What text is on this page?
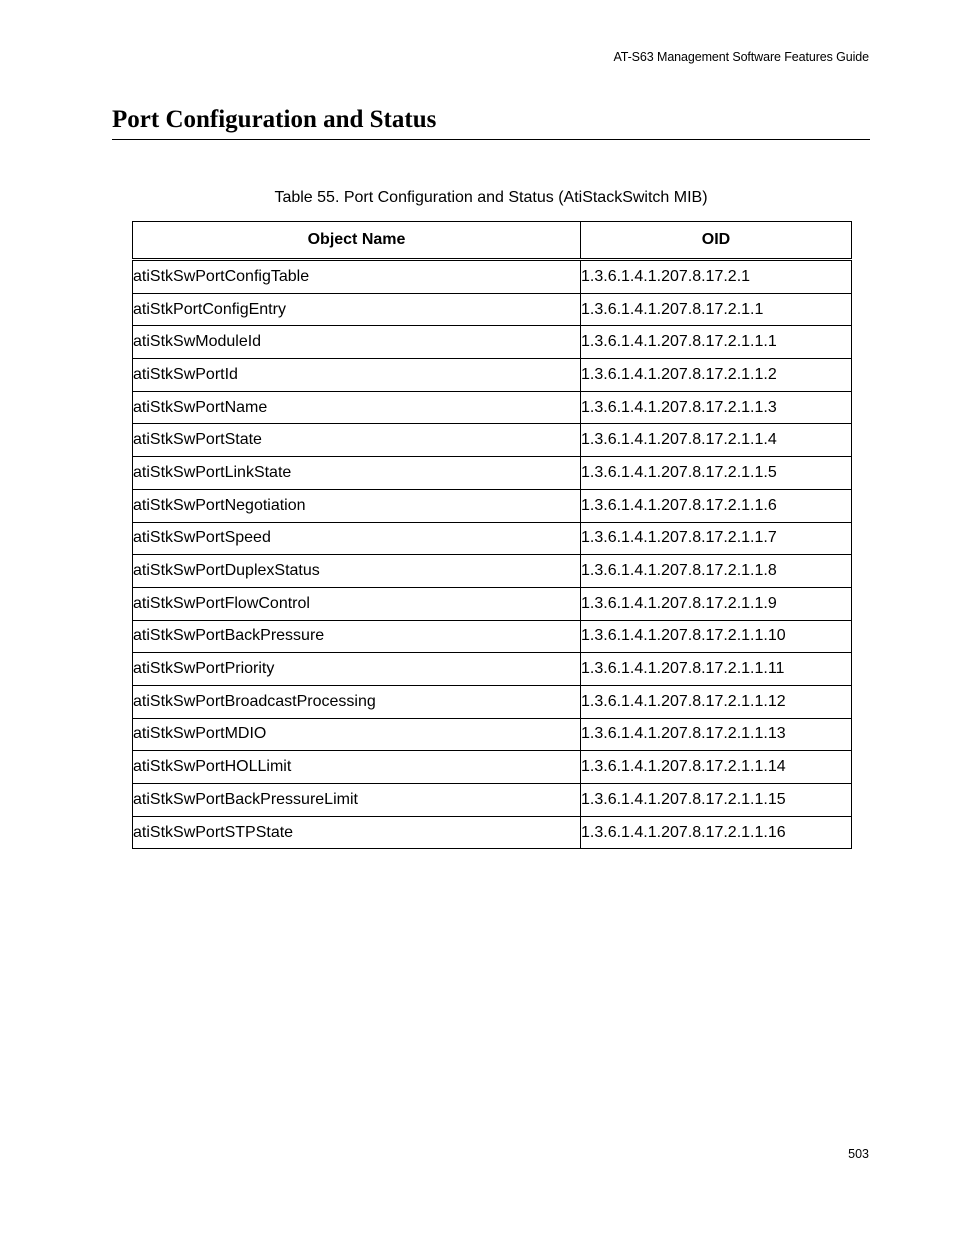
AT-S63 Management Software Features Guide
Port Configuration and Status
Table 55. Port Configuration and Status (AtiStackSwitch MIB)
Object Name	OID
atiStkSwPortConfigTable	1.3.6.1.4.1.207.8.17.2.1
atiStkPortConfigEntry	1.3.6.1.4.1.207.8.17.2.1.1
atiStkSwModuleId	1.3.6.1.4.1.207.8.17.2.1.1.1
atiStkSwPortId	1.3.6.1.4.1.207.8.17.2.1.1.2
atiStkSwPortName	1.3.6.1.4.1.207.8.17.2.1.1.3
atiStkSwPortState	1.3.6.1.4.1.207.8.17.2.1.1.4
atiStkSwPortLinkState	1.3.6.1.4.1.207.8.17.2.1.1.5
atiStkSwPortNegotiation	1.3.6.1.4.1.207.8.17.2.1.1.6
atiStkSwPortSpeed	1.3.6.1.4.1.207.8.17.2.1.1.7
atiStkSwPortDuplexStatus	1.3.6.1.4.1.207.8.17.2.1.1.8
atiStkSwPortFlowControl	1.3.6.1.4.1.207.8.17.2.1.1.9
atiStkSwPortBackPressure	1.3.6.1.4.1.207.8.17.2.1.1.10
atiStkSwPortPriority	1.3.6.1.4.1.207.8.17.2.1.1.11
atiStkSwPortBroadcastProcessing	1.3.6.1.4.1.207.8.17.2.1.1.12
atiStkSwPortMDIO	1.3.6.1.4.1.207.8.17.2.1.1.13
atiStkSwPortHOLLimit	1.3.6.1.4.1.207.8.17.2.1.1.14
atiStkSwPortBackPressureLimit	1.3.6.1.4.1.207.8.17.2.1.1.15
atiStkSwPortSTPState	1.3.6.1.4.1.207.8.17.2.1.1.16
503
